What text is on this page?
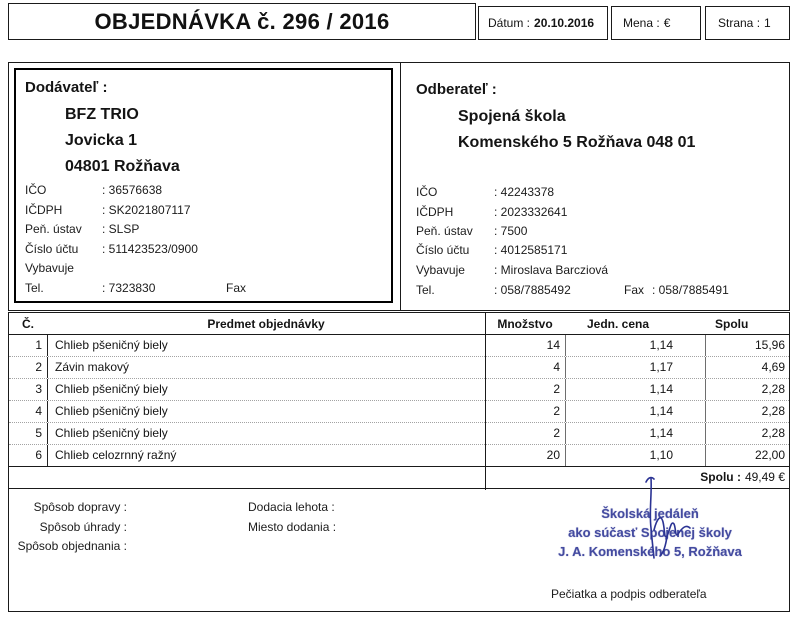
OBJEDNÁVKA č. 296 / 2016	Dátum : 20.10.2016 Mena : €	Strana : 1
Dodávateľ :
BFZ TRIO
Jovicka 1
04801 Rožňava
IČO	: 36576638
IČDPH	: SK2021807117
Peň. ústav : SLSP
Číslo účtu : 511423523/0900
Vybavuje
Tel.	: 7323830	Fax
Odberateľ :
Spojená škola
Komenského 5 Rožňava 048 01
IČO	: 42243378
IČDPH	: 2023332641
Peň. ústav : 7500
Číslo účtu : 4012585171
Vybavuje : Miroslava Barcziová
Tel.	: 058/7885492	Fax : 058/7885491
Č.	Predmet objednávky	Množstvo	Jedn. cena	Spolu
1	Chlieb pšeničný biely	14	1,14	15,96
2	Závin makový	4	1,17	4,69
3	Chlieb pšeničný biely	2	1,14	2,28
4	Chlieb pšeničný biely	2	1,14	2,28
5	Chlieb pšeničný biely	2	1,14	2,28
6	Chlieb celozrnný ražný	20	1,10	22,00
Spolu : 49,49 €
Spôsob dopravy :
Spôsob úhrady :
Spôsob objednania :
Dodacia lehota :
Miesto dodania :
Školská jedáleň
ako súčasť Spojenej školy
J. A. Komenského 5, Rožňava
Pečiatka a podpis odberateľa
